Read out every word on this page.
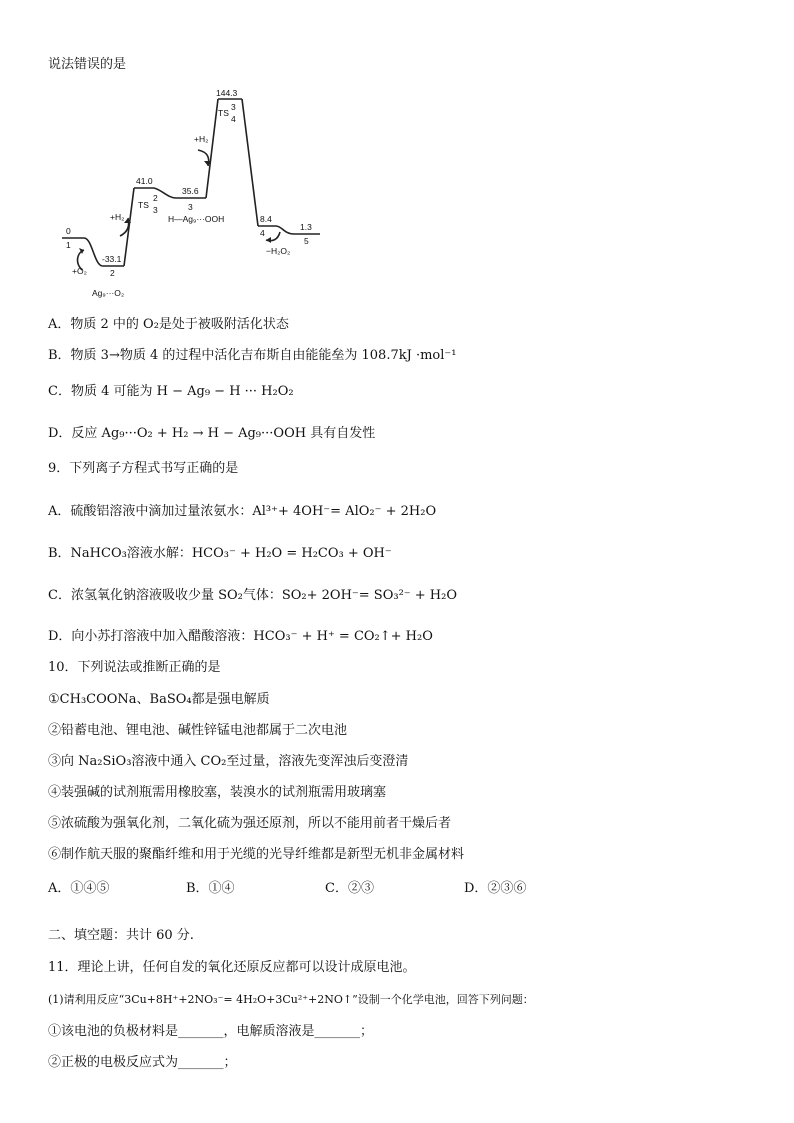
说法错误的是
0
1
-33.1
2
Ag₉···O₂
+O₂
+H₂
41.0
TS
2
3
35.6
3
H—Ag₉···OOH
+H₂
144.3
TS
3
4
8.4
4
1.3
5
−H₂O₂
A．物质 2 中的 O₂是处于被吸附活化状态
B．物质 3→物质 4 的过程中活化吉布斯自由能能垒为 108.7kJ ·mol⁻¹
C．物质 4 可能为 H − Ag₉ − H ··· H₂O₂
D．反应 Ag₉···O₂ + H₂ → H − Ag₉···OOH 具有自发性
9．下列离子方程式书写正确的是
A．硫酸铝溶液中滴加过量浓氨水：Al³⁺+ 4OH⁻= AlO₂⁻ + 2H₂O
B．NaHCO₃溶液水解：HCO₃⁻ + H₂O = H₂CO₃ + OH⁻
C．浓氢氧化钠溶液吸收少量 SO₂气体：SO₂+ 2OH⁻= SO₃²⁻ + H₂O
D．向小苏打溶液中加入醋酸溶液：HCO₃⁻ + H⁺ = CO₂↑+ H₂O
10．下列说法或推断正确的是
①CH₃COONa、BaSO₄都是强电解质
②铅蓄电池、锂电池、碱性锌锰电池都属于二次电池
③向 Na₂SiO₃溶液中通入 CO₂至过量，溶液先变浑浊后变澄清
④装强碱的试剂瓶需用橡胶塞，装溴水的试剂瓶需用玻璃塞
⑤浓硫酸为强氧化剂，二氧化硫为强还原剂，所以不能用前者干燥后者
⑥制作航天服的聚酯纤维和用于光缆的光导纤维都是新型无机非金属材料
A．①④⑤	B．①④	C．②③	D．②③⑥
二、填空题：共计 60 分.
11．理论上讲，任何自发的氧化还原反应都可以设计成原电池。
(1)请利用反应“3Cu+8H⁺+2NO₃⁻= 4H₂O+3Cu²⁺+2NO↑”设制一个化学电池，回答下列问题：
①该电池的负极材料是_______，电解质溶液是_______；
②正极的电极反应式为_______；
